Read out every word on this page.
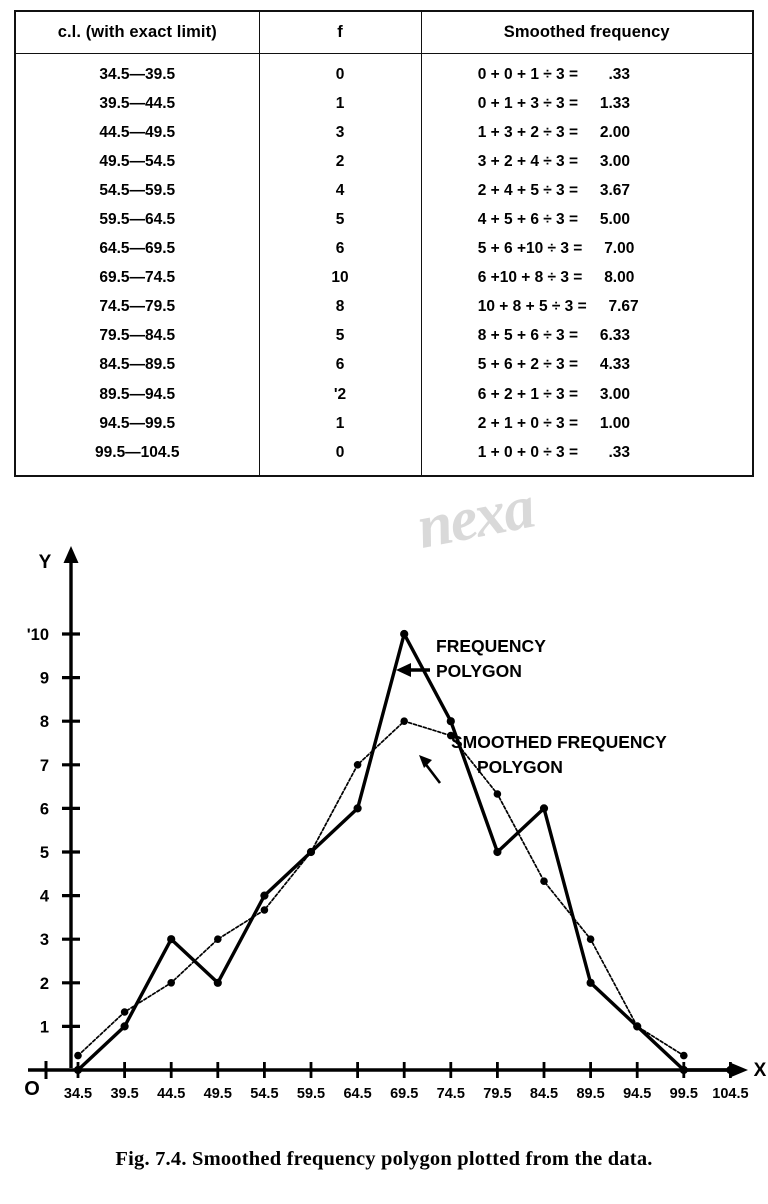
c.l. (with exact limit)	f	Smoothed frequency
34.5—39.5	0	0 + 0 + 1 ÷ 3 = .33
39.5—44.5	1	0 + 1 + 3 ÷ 3 = 1.33
44.5—49.5	3	1 + 3 + 2 ÷ 3 = 2.00
49.5—54.5	2	3 + 2 + 4 ÷ 3 = 3.00
54.5—59.5	4	2 + 4 + 5 ÷ 3 = 3.67
59.5—64.5	5	4 + 5 + 6 ÷ 3 = 5.00
64.5—69.5	6	5 + 6 +10 ÷ 3 = 7.00
69.5—74.5	10	6 +10 + 8 ÷ 3 = 8.00
74.5—79.5	8	10 + 8 + 5 ÷ 3 = 7.67
79.5—84.5	5	8 + 5 + 6 ÷ 3 = 6.33
84.5—89.5	6	5 + 6 + 2 ÷ 3 = 4.33
89.5—94.5	'2	6 + 2 + 1 ÷ 3 = 3.00
94.5—99.5	1	2 + 1 + 0 ÷ 3 = 1.00
99.5—104.5	0	1 + 0 + 0 ÷ 3 = .33
nexa
Y
X
O
1
2
3
4
5
6
7
8
9
'10
34.5 39.5 44.5 49.5 54.5 59.5 64.5 69.5 74.5 79.5 84.5 89.5 94.5 99.5 104.5
FREQUENCY
POLYGON
SMOOTHED FREQUENCY
POLYGON
Fig. 7.4. Smoothed frequency polygon plotted from the data.
